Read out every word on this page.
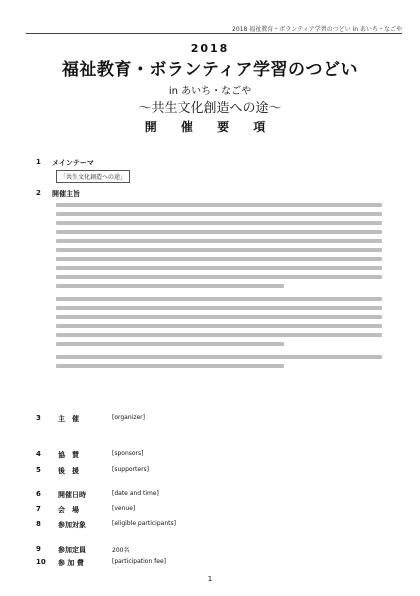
2018 福祉教育・ボランティア学習のつどい in あいち・なごや
2018
福祉教育・ボランティア学習のつどい
in あいち・なごや
～共生文化創造への途～
開 催 要 項
1 メインテーマ
「共生文化創造への途」
2 開催主旨
3 主　催	[organizer]
4 協　賛	[sponsors]
5 後　援	[supporters]
6 開催日時	[date and time]
7 会　場	[venue]
8 参加対象	[eligible participants]
9 参加定員	200名
10 参 加 費	[participation fee]
1
